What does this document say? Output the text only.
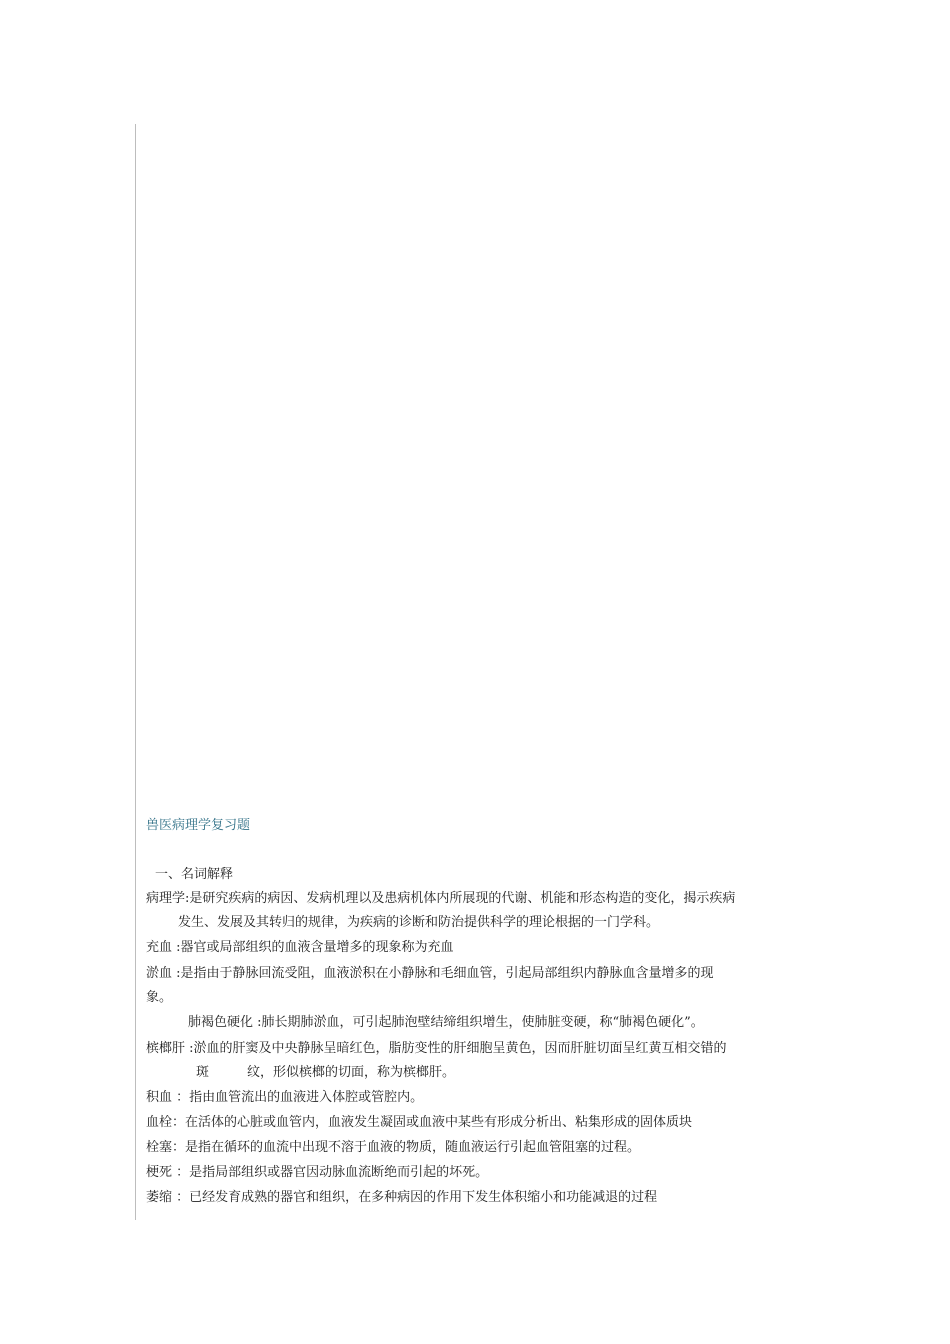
兽医病理学复习题
一、名词解释
病理学:是研究疾病的病因、发病机理以及患病机体内所展现的代谢、机能和形态构造的变化，揭示疾病
发生、发展及其转归的规律，为疾病的诊断和防治提供科学的理论根据的一门学科。
充血 :器官或局部组织的血液含量增多的现象称为充血
淤血 :是指由于静脉回流受阻，血液淤积在小静脉和毛细血管，引起局部组织内静脉血含量增多的现
象。
肺褐色硬化 :肺长期肺淤血，可引起肺泡壁结缔组织增生，使肺脏变硬，称“肺褐色硬化”。
槟榔肝 :淤血的肝窦及中央静脉呈暗红色，脂肪变性的肝细胞呈黄色，因而肝脏切面呈红黄互相交错的
斑	纹，形似槟榔的切面，称为槟榔肝。
积血 ：指由血管流出的血液进入体腔或管腔内。
血栓：在活体的心脏或血管内，血液发生凝固或血液中某些有形成分析出、粘集形成的固体质块
栓塞：是指在循环的血流中出现不溶于血液的物质，随血液运行引起血管阻塞的过程。
梗死 ：是指局部组织或器官因动脉血流断绝而引起的坏死。
萎缩 ：已经发育成熟的器官和组织，在多种病因的作用下发生体积缩小和功能减退的过程
